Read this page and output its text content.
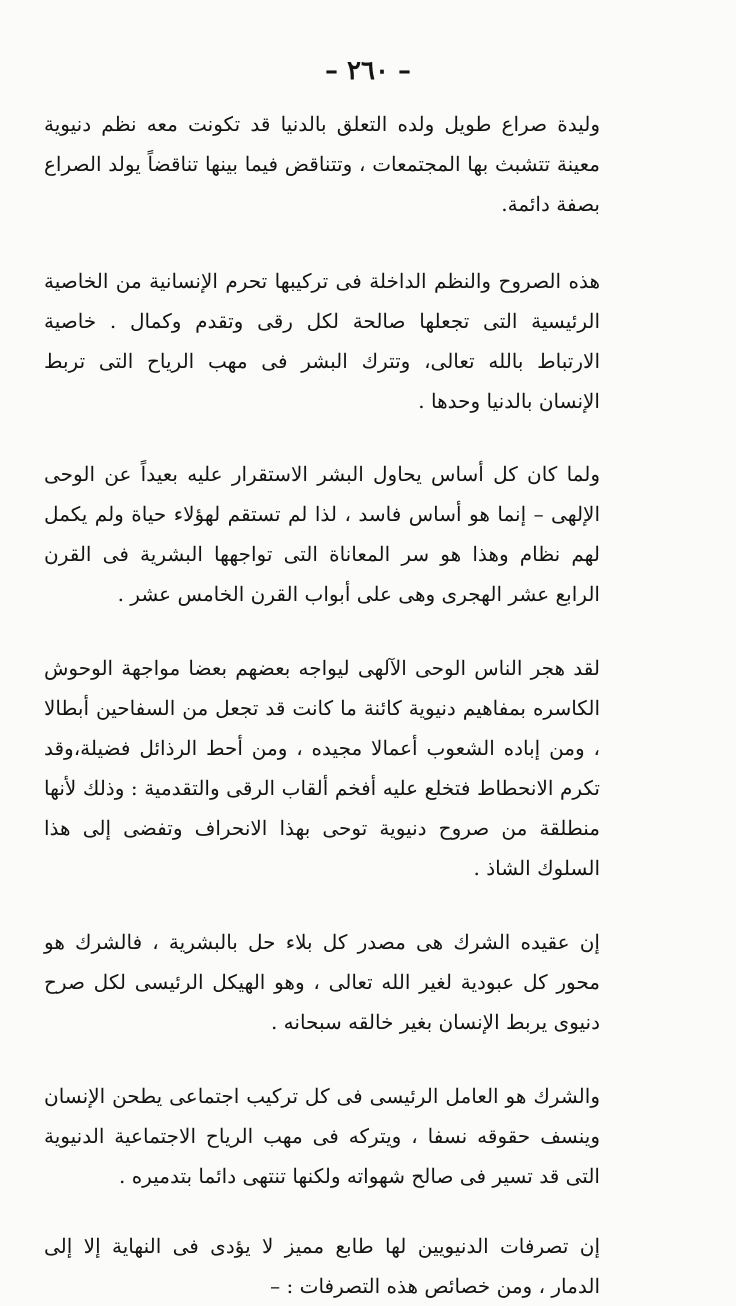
– ٢٦٠ –

وليدة صراع طويل ولده التعلق بالدنيا قد تكونت معه نظم دنيوية معينة تتشبث بها المجتمعات ، وتتناقض فيما بينها تناقضاً يولد الصراع بصفة دائمة.

هذه الصروح والنظم الداخلة فى تركيبها تحرم الإنسانية من الخاصية الرئيسية التى تجعلها صالحة لكل رقى وتقدم وكمال . خاصية الارتباط بالله تعالى، وتترك البشر فى مهب الرياح التى تربط الإنسان بالدنيا وحدها .

ولما كان كل أساس يحاول البشر الاستقرار عليه بعيداً عن الوحى الإلهى – إنما هو أساس فاسد ، لذا لم تستقم لهؤلاء حياة ولم يكمل لهم نظام وهذا هو سر المعاناة التى تواجهها البشرية فى القرن الرابع عشر الهجرى وهى على أبواب القرن الخامس عشر .

لقد هجر الناس الوحى الآلهى ليواجه بعضهم بعضا مواجهة الوحوش الكاسره بمفاهيم دنيوية كائنة ما كانت قد تجعل من السفاحين أبطالا ، ومن إباده الشعوب أعمالا مجيده ، ومن أحط الرذائل فضيلة،وقد تكرم الانحطاط فتخلع عليه أفخم ألقاب الرقى والتقدمية : وذلك لأنها منطلقة من صروح دنيوية توحى بهذا الانحراف وتفضى إلى هذا السلوك الشاذ .

إن عقيده الشرك هى مصدر كل بلاء حل بالبشرية ، فالشرك هو محور كل عبودية لغير الله تعالى ، وهو الهيكل الرئيسى لكل صرح دنيوى يربط الإنسان بغير خالقه سبحانه .

والشرك هو العامل الرئيسى فى كل تركيب اجتماعى يطحن الإنسان وينسف حقوقه نسفا ، ويتركه فى مهب الرياح الاجتماعية الدنيوية التى قد تسير فى صالح شهواته ولكنها تنتهى دائما بتدميره .

إن تصرفات الدنيويين لها طابع مميز لا يؤدى فى النهاية إلا إلى الدمار ، ومن خصائص هذه التصرفات : –
